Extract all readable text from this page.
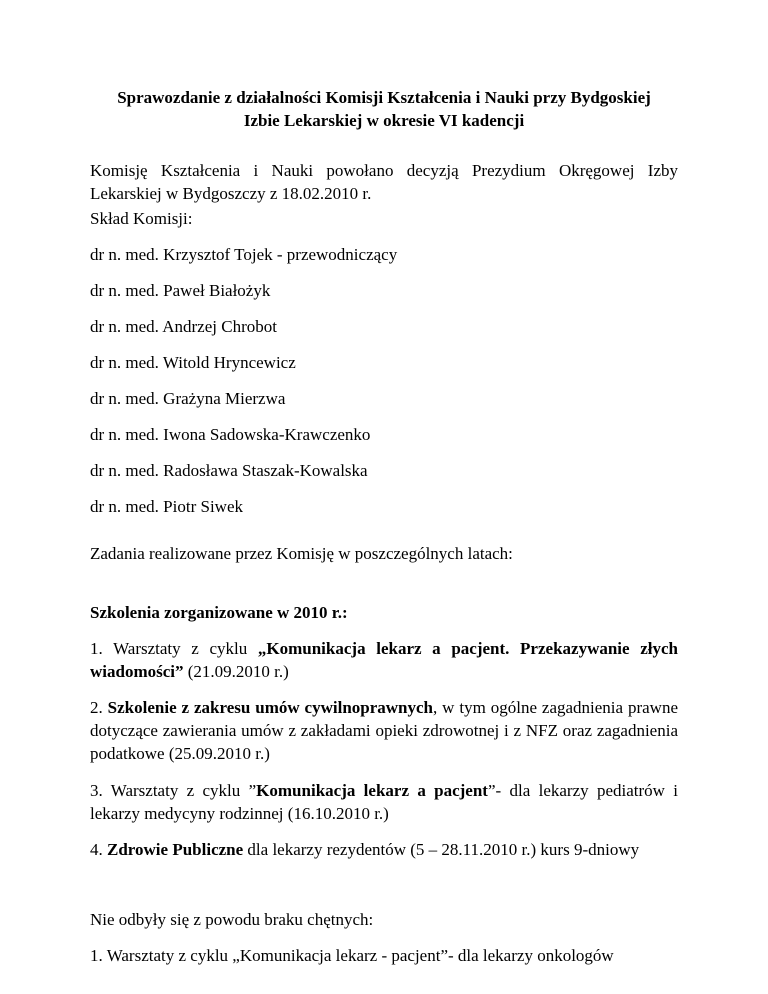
Sprawozdanie z działalności Komisji Kształcenia i Nauki przy Bydgoskiej
Izbie Lekarskiej w okresie VI kadencji
Komisję Kształcenia i Nauki powołano decyzją Prezydium Okręgowej Izby Lekarskiej w Bydgoszczy z 18.02.2010 r.
Skład Komisji:
dr n. med. Krzysztof Tojek - przewodniczący
dr n. med. Paweł Białożyk
dr n. med. Andrzej Chrobot
dr n. med. Witold Hryncewicz
dr n. med. Grażyna Mierzwa
dr n. med. Iwona Sadowska-Krawczenko
dr n. med. Radosława Staszak-Kowalska
dr n. med. Piotr Siwek
Zadania realizowane przez Komisję w poszczególnych latach:
Szkolenia zorganizowane w 2010 r.:
1. Warsztaty z cyklu „Komunikacja lekarz a pacjent. Przekazywanie złych wiadomości” (21.09.2010 r.)
2. Szkolenie z zakresu umów cywilnoprawnych, w tym ogólne zagadnienia prawne dotyczące zawierania umów z zakładami opieki zdrowotnej i z NFZ oraz zagadnienia podatkowe (25.09.2010 r.)
3. Warsztaty z cyklu ”Komunikacja lekarz a pacjent”- dla lekarzy pediatrów i lekarzy medycyny rodzinnej (16.10.2010 r.)
4. Zdrowie Publiczne dla lekarzy rezydentów (5 – 28.11.2010 r.) kurs 9-dniowy
Nie odbyły się z powodu braku chętnych:
1. Warsztaty z cyklu „Komunikacja lekarz - pacjent”- dla lekarzy onkologów
